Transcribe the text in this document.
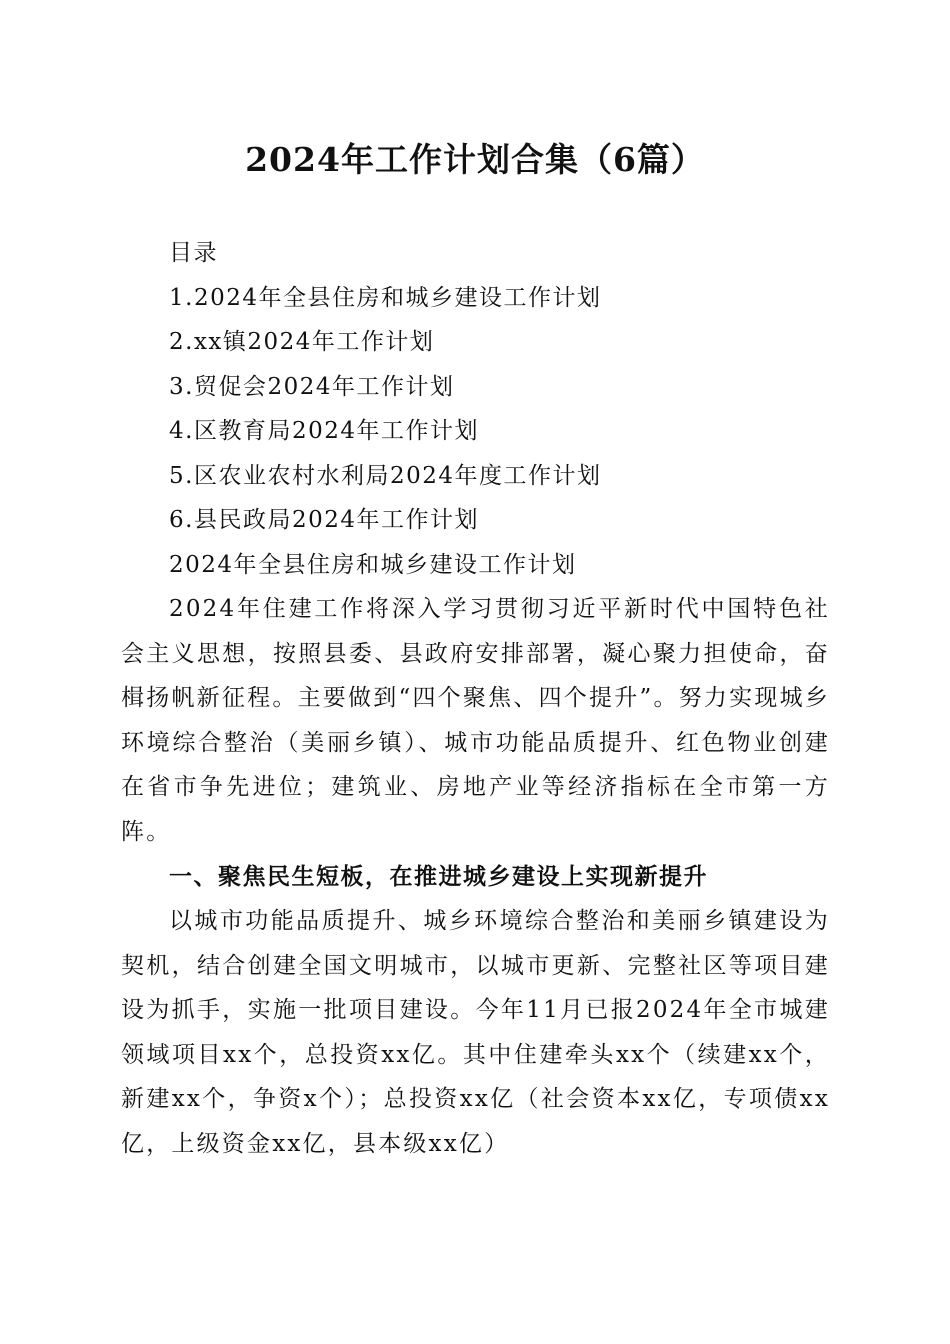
2024年工作计划合集（6篇）
目录
1.2024年全县住房和城乡建设工作计划
2.xx镇2024年工作计划
3.贸促会2024年工作计划
4.区教育局2024年工作计划
5.区农业农村水利局2024年度工作计划
6.县民政局2024年工作计划
2024年全县住房和城乡建设工作计划
2024年住建工作将深入学习贯彻习近平新时代中国特色社会主义思想，按照县委、县政府安排部署，凝心聚力担使命，奋楫扬帆新征程。主要做到“四个聚焦、四个提升”。努力实现城乡环境综合整治（美丽乡镇）、城市功能品质提升、红色物业创建在省市争先进位；建筑业、房地产业等经济指标在全市第一方阵。
一、聚焦民生短板，在推进城乡建设上实现新提升
以城市功能品质提升、城乡环境综合整治和美丽乡镇建设为契机，结合创建全国文明城市，以城市更新、完整社区等项目建设为抓手，实施一批项目建设。今年11月已报2024年全市城建领域项目xx个，总投资xx亿。其中住建牵头xx个（续建xx个，新建xx个，争资x个）；总投资xx亿（社会资本xx亿，专项债xx亿，上级资金xx亿，县本级xx亿）
